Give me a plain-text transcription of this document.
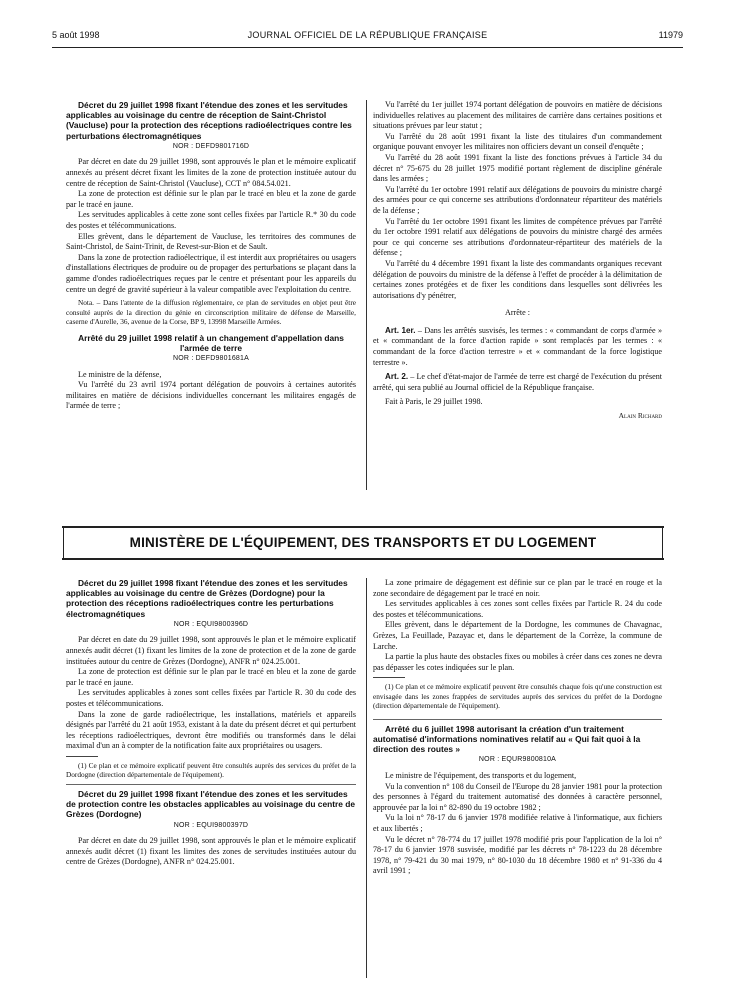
5 août 1998	JOURNAL OFFICIEL DE LA RÉPUBLIQUE FRANÇAISE	11979

Décret du 29 juillet 1998 fixant l'étendue des zones et les servitudes applicables au voisinage du centre de réception de Saint-Christol (Vaucluse) pour la protection des réceptions radioélectriques contre les perturbations électromagnétiques

NOR : DEFD9801716D

Par décret en date du 29 juillet 1998, sont approuvés le plan et le mémoire explicatif annexés au présent décret fixant les limites de la zone de protection instituée autour du centre de réception de Saint-Christol (Vaucluse), CCT n° 084.54.021.

La zone de protection est définie sur le plan par le tracé en bleu et la zone de garde par le tracé en jaune.

Les servitudes applicables à cette zone sont celles fixées par l'article R.* 30 du code des postes et télécommunications.

Elles grèvent, dans le département de Vaucluse, les territoires des communes de Saint-Christol, de Saint-Trinit, de Revest-sur-Bion et de Sault.

Dans la zone de protection radioélectrique, il est interdit aux propriétaires ou usagers d'installations électriques de produire ou de propager des perturbations se plaçant dans la gamme d'ondes radioélectriques reçues par le centre et présentant pour les appareils du centre un degré de gravité supérieur à la valeur compatible avec l'exploitation du centre.

Nota. – Dans l'attente de la diffusion réglementaire, ce plan de servitudes en objet peut être consulté auprès de la direction du génie en circonscription militaire de défense de Marseille, caserne d'Aurelle, 36, avenue de la Corse, BP 9, 13998 Marseille Armées.

Arrêté du 29 juillet 1998 relatif à un changement d'appellation dans l'armée de terre

NOR : DEFD9801681A

Le ministre de la défense,

Vu l'arrêté du 23 avril 1974 portant délégation de pouvoirs à certaines autorités militaires en matière de décisions individuelles concernant les militaires engagés de l'armée de terre ;

Vu l'arrêté du 1er juillet 1974 portant délégation de pouvoirs en matière de décisions individuelles relatives au placement des militaires de carrière dans certaines positions et situations prévues par leur statut ;

Vu l'arrêté du 28 août 1991 fixant la liste des titulaires d'un commandement organique pouvant envoyer les militaires non officiers devant un conseil d'enquête ;

Vu l'arrêté du 28 août 1991 fixant la liste des fonctions prévues à l'article 34 du décret n° 75-675 du 28 juillet 1975 modifié portant règlement de discipline générale dans les armées ;

Vu l'arrêté du 1er octobre 1991 relatif aux délégations de pouvoirs du ministre chargé des armées pour ce qui concerne ses attributions d'ordonnateur répartiteur des matériels de la défense ;

Vu l'arrêté du 1er octobre 1991 fixant les limites de compétence prévues par l'arrêté du 1er octobre 1991 relatif aux délégations de pouvoirs du ministre chargé des armées pour ce qui concerne ses attributions d'ordonnateur-répartiteur des matériels de la défense ;

Vu l'arrêté du 4 décembre 1991 fixant la liste des commandants organiques recevant délégation de pouvoirs du ministre de la défense à l'effet de procéder à la délimitation de certaines zones protégées et de fixer les conditions dans lesquelles sont délivrées les autorisations d'y pénétrer,

Arrête :

Art. 1er. – Dans les arrêtés susvisés, les termes : « commandant de corps d'armée » et « commandant de la force d'action rapide » sont remplacés par les termes : « commandant de la force d'action terrestre » et « commandant de la force logistique terrestre ».

Art. 2. – Le chef d'état-major de l'armée de terre est chargé de l'exécution du présent arrêté, qui sera publié au Journal officiel de la République française.

Fait à Paris, le 29 juillet 1998.

Alain Richard

MINISTÈRE DE L'ÉQUIPEMENT, DES TRANSPORTS ET DU LOGEMENT

Décret du 29 juillet 1998 fixant l'étendue des zones et les servitudes applicables au voisinage du centre de Grèzes (Dordogne) pour la protection des réceptions radioélectriques contre les perturbations électromagnétiques

NOR : EQUI9800396D

Par décret en date du 29 juillet 1998, sont approuvés le plan et le mémoire explicatif annexés audit décret (1) fixant les limites de la zone de protection et de la zone de garde instituées autour du centre de Grèzes (Dordogne), ANFR n° 024.25.001.

La zone de protection est définie sur le plan par le tracé en bleu et la zone de garde par le tracé en jaune.

Les servitudes applicables à zones sont celles fixées par l'article R. 30 du code des postes et télécommunications.

Dans la zone de garde radioélectrique, les installations, matériels et appareils désignés par l'arrêté du 21 août 1953, existant à la date du présent décret et qui perturbent les réceptions radioélectriques, devront être modifiés ou transformés dans le délai maximal d'un an à compter de la notification faite aux propriétaires ou usagers.

(1) Ce plan et ce mémoire explicatif peuvent être consultés auprès des services du préfet de la Dordogne (direction départementale de l'équipement).

Décret du 29 juillet 1998 fixant l'étendue des zones et les servitudes de protection contre les obstacles applicables au voisinage du centre de Grèzes (Dordogne)

NOR : EQUI9800397D

Par décret en date du 29 juillet 1998, sont approuvés le plan et le mémoire explicatif annexés audit décret (1) fixant les limites des zones de servitudes instituées autour du centre de Grèzes (Dordogne), ANFR n° 024.25.001.

La zone primaire de dégagement est définie sur ce plan par le tracé en rouge et la zone secondaire de dégagement par le tracé en noir.

Les servitudes applicables à ces zones sont celles fixées par l'article R. 24 du code des postes et télécommunications.

Elles grèvent, dans le département de la Dordogne, les communes de Chavagnac, Grèzes, La Feuillade, Pazayac et, dans le département de la Corrèze, la commune de Larche.

La partie la plus haute des obstacles fixes ou mobiles à créer dans ces zones ne devra pas dépasser les cotes indiquées sur le plan.

(1) Ce plan et ce mémoire explicatif peuvent être consultés chaque fois qu'une construction est envisagée dans les zones frappées de servitudes auprès des services du préfet de la Dordogne (direction départementale de l'équipement).

Arrêté du 6 juillet 1998 autorisant la création d'un traitement automatisé d'informations nominatives relatif au « Qui fait quoi à la direction des routes »

NOR : EQUR9800810A

Le ministre de l'équipement, des transports et du logement,

Vu la convention n° 108 du Conseil de l'Europe du 28 janvier 1981 pour la protection des personnes à l'égard du traitement automatisé des données à caractère personnel, approuvée par la loi n° 82-890 du 19 octobre 1982 ;

Vu la loi n° 78-17 du 6 janvier 1978 modifiée relative à l'informatique, aux fichiers et aux libertés ;

Vu le décret n° 78-774 du 17 juillet 1978 modifié pris pour l'application de la loi n° 78-17 du 6 janvier 1978 susvisée, modifié par les décrets n° 78-1223 du 28 décembre 1978, n° 79-421 du 30 mai 1979, n° 80-1030 du 18 décembre 1980 et n° 91-336 du 4 avril 1991 ;
